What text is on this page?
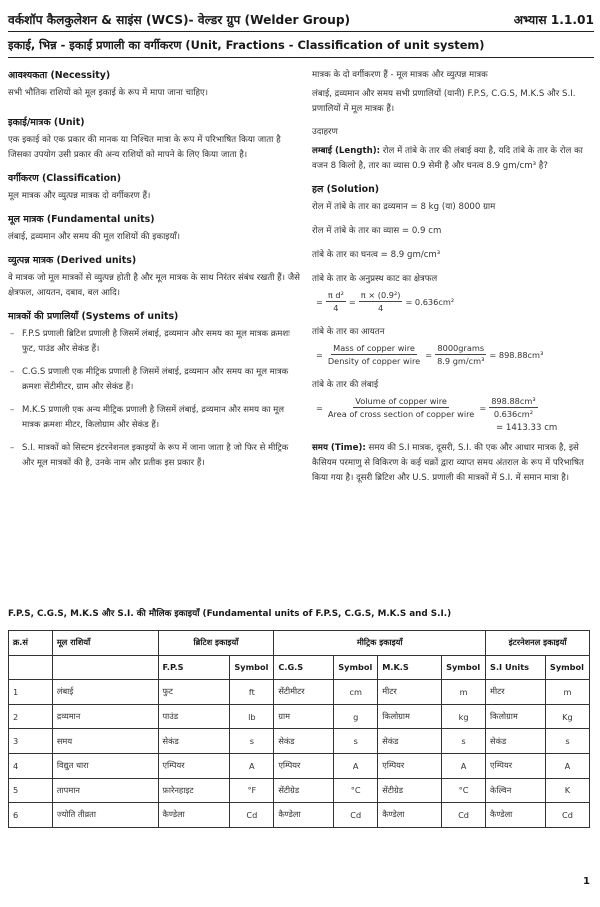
वर्कशॉप कैलकुलेशन & साइंस (WCS)- वेल्डर ग्रुप (Welder Group)	अभ्यास 1.1.01
इकाई, भिन्न - इकाई प्रणाली का वर्गीकरण (Unit, Fractions - Classification of unit system)
आवश्यकता (Necessity)
सभी भौतिक राशियों को मूल इकाई के रूप में मापा जाना चाहिए।
इकाई/मात्रक (Unit)
एक इकाई को एक प्रकार की मानक या निश्चित मात्रा के रूप में परिभाषित किया जाता है जिसका उपयोग उसी प्रकार की अन्य राशियों को मापने के लिए किया जाता है।
वर्गीकरण (Classification)
मूल मात्रक और व्युत्पन्न मात्रक दो वर्गीकरण हैं।
मूल मात्रक (Fundamental units)
लंबाई, द्रव्यमान और समय की मूल राशियों की इकाइयाँ।
व्युत्पन्न मात्रक (Derived units)
वे मात्रक जो मूल मात्रकों से व्युत्पन्न होती है और मूल मात्रक के साथ निरंतर संबंध रखती हैं। जैसे क्षेत्रफल, आयतन, दबाव, बल आदि।
मात्रकों की प्रणालियाँ (Systems of units)
– F.P.S प्रणाली ब्रिटिश प्रणाली है जिसमें लंबाई, द्रव्यमान और समय का मूल मात्रक क्रमशः फुट, पाउंड और सेकंड हैं।
– C.G.S प्रणाली एक मीट्रिक प्रणाली है जिसमें लंबाई, द्रव्यमान और समय का मूल मात्रक क्रमशः सेंटीमीटर, ग्राम और सेकंड हैं।
– M.K.S प्रणाली एक अन्य मीट्रिक प्रणाली है जिसमें लंबाई, द्रव्यमान और समय का मूल मात्रक क्रमशः मीटर, किलोग्राम और सेकंड हैं।
– S.I. मात्रकों को सिस्टम इंटरनेशनल इकाइयों के रूप में जाना जाता है जो फिर से मीट्रिक और मूल मात्रकों की है, उनके नाम और प्रतीक इस प्रकार हैं।
मात्रक के दो वर्गीकरण हैं - मूल मात्रक और व्युत्पन्न मात्रक
लंबाई, द्रव्यमान और समय सभी प्रणालियों (यानी) F.P.S, C.G.S, M.K.S और S.I. प्रणालियों में मूल मात्रक हैं।
उदाहरण
लम्बाई (Length): रोल में तांबे के तार की लंबाई क्या है, यदि तांबे के तार के रोल का वजन 8 किलो है, तार का व्यास 0.9 सेमी है और घनत्व 8.9 gm/cm³ है?
हल (Solution)
रोल में तांबे के तार का द्रव्यमान = 8 kg (या) 8000 ग्राम
रोल में तांबे के तार का व्यास = 0.9 cm
तांबे के तार का घनत्व = 8.9 gm/cm³
तांबे के तार के अनुप्रस्थ काट का क्षेत्रफल
= $\frac{\text{π d²}}{4} = \frac{\text{π × (0.9²)}}{4} = 0.636cm^2$
तांबे के तार का आयतन
= $\frac{\text{Mass of copper wire}}{\text{Density of copper wire}} = \frac{\text{8000grams}}{\text{8.9 gm/cm³}} = 898.88cm^3$
तांबे के तार की लंबाई
= $\frac{\text{Volume of copper wire}}{\text{Area of cross section of copper wire}} = \frac{\text{898.88cm³}}{\text{0.636cm²}}$
= 1413.33 cm
समय (Time): समय की S.I मात्रक, दूसरी, S.I. की एक और आधार मात्रक है, इसे कैसियम परमाणु से विकिरण के कई चक्रों द्वारा व्याप्त समय अंतराल के रूप में परिभाषित किया गया है। दूसरी ब्रिटिश और U.S. प्रणाली की मात्रकों में S.I. में समान मात्रा है।
F.P.S, C.G.S, M.K.S और S.I. की मौलिक इकाइयाँ (Fundamental units of F.P.S, C.G.S, M.K.S and S.I.)
क्र.सं	मूल राशियाँ	ब्रिटिश इकाइयाँ		मीट्रिक इकाइयाँ				इंटरनेशनल इकाइयाँ	
		F.P.S	Symbol	C.G.S	Symbol	M.K.S	Symbol	S.I Units	Symbol
1	लंबाई	फुट	ft	सेंटीमीटर	cm	मीटर	m	मीटर	m
2	द्रव्यमान	पाउंड	lb	ग्राम	g	किलोग्राम	kg	किलोग्राम	Kg
3	समय	सेकंड	s	सेकंड	s	सेकंड	s	सेकंड	s
4	विद्युत धारा	एम्पियर	A	एम्पियर	A	एम्पियर	A	एम्पियर	A
5	तापमान	फ़ारेनहाइट	°F	सेंटीग्रेड	°C	सेंटीग्रेड	°C	केल्विन	K
6	ज्योति तीव्रता	कैण्डेला	Cd	कैण्डेला	Cd	कैण्डेला	Cd	कैण्डेला	Cd
1
